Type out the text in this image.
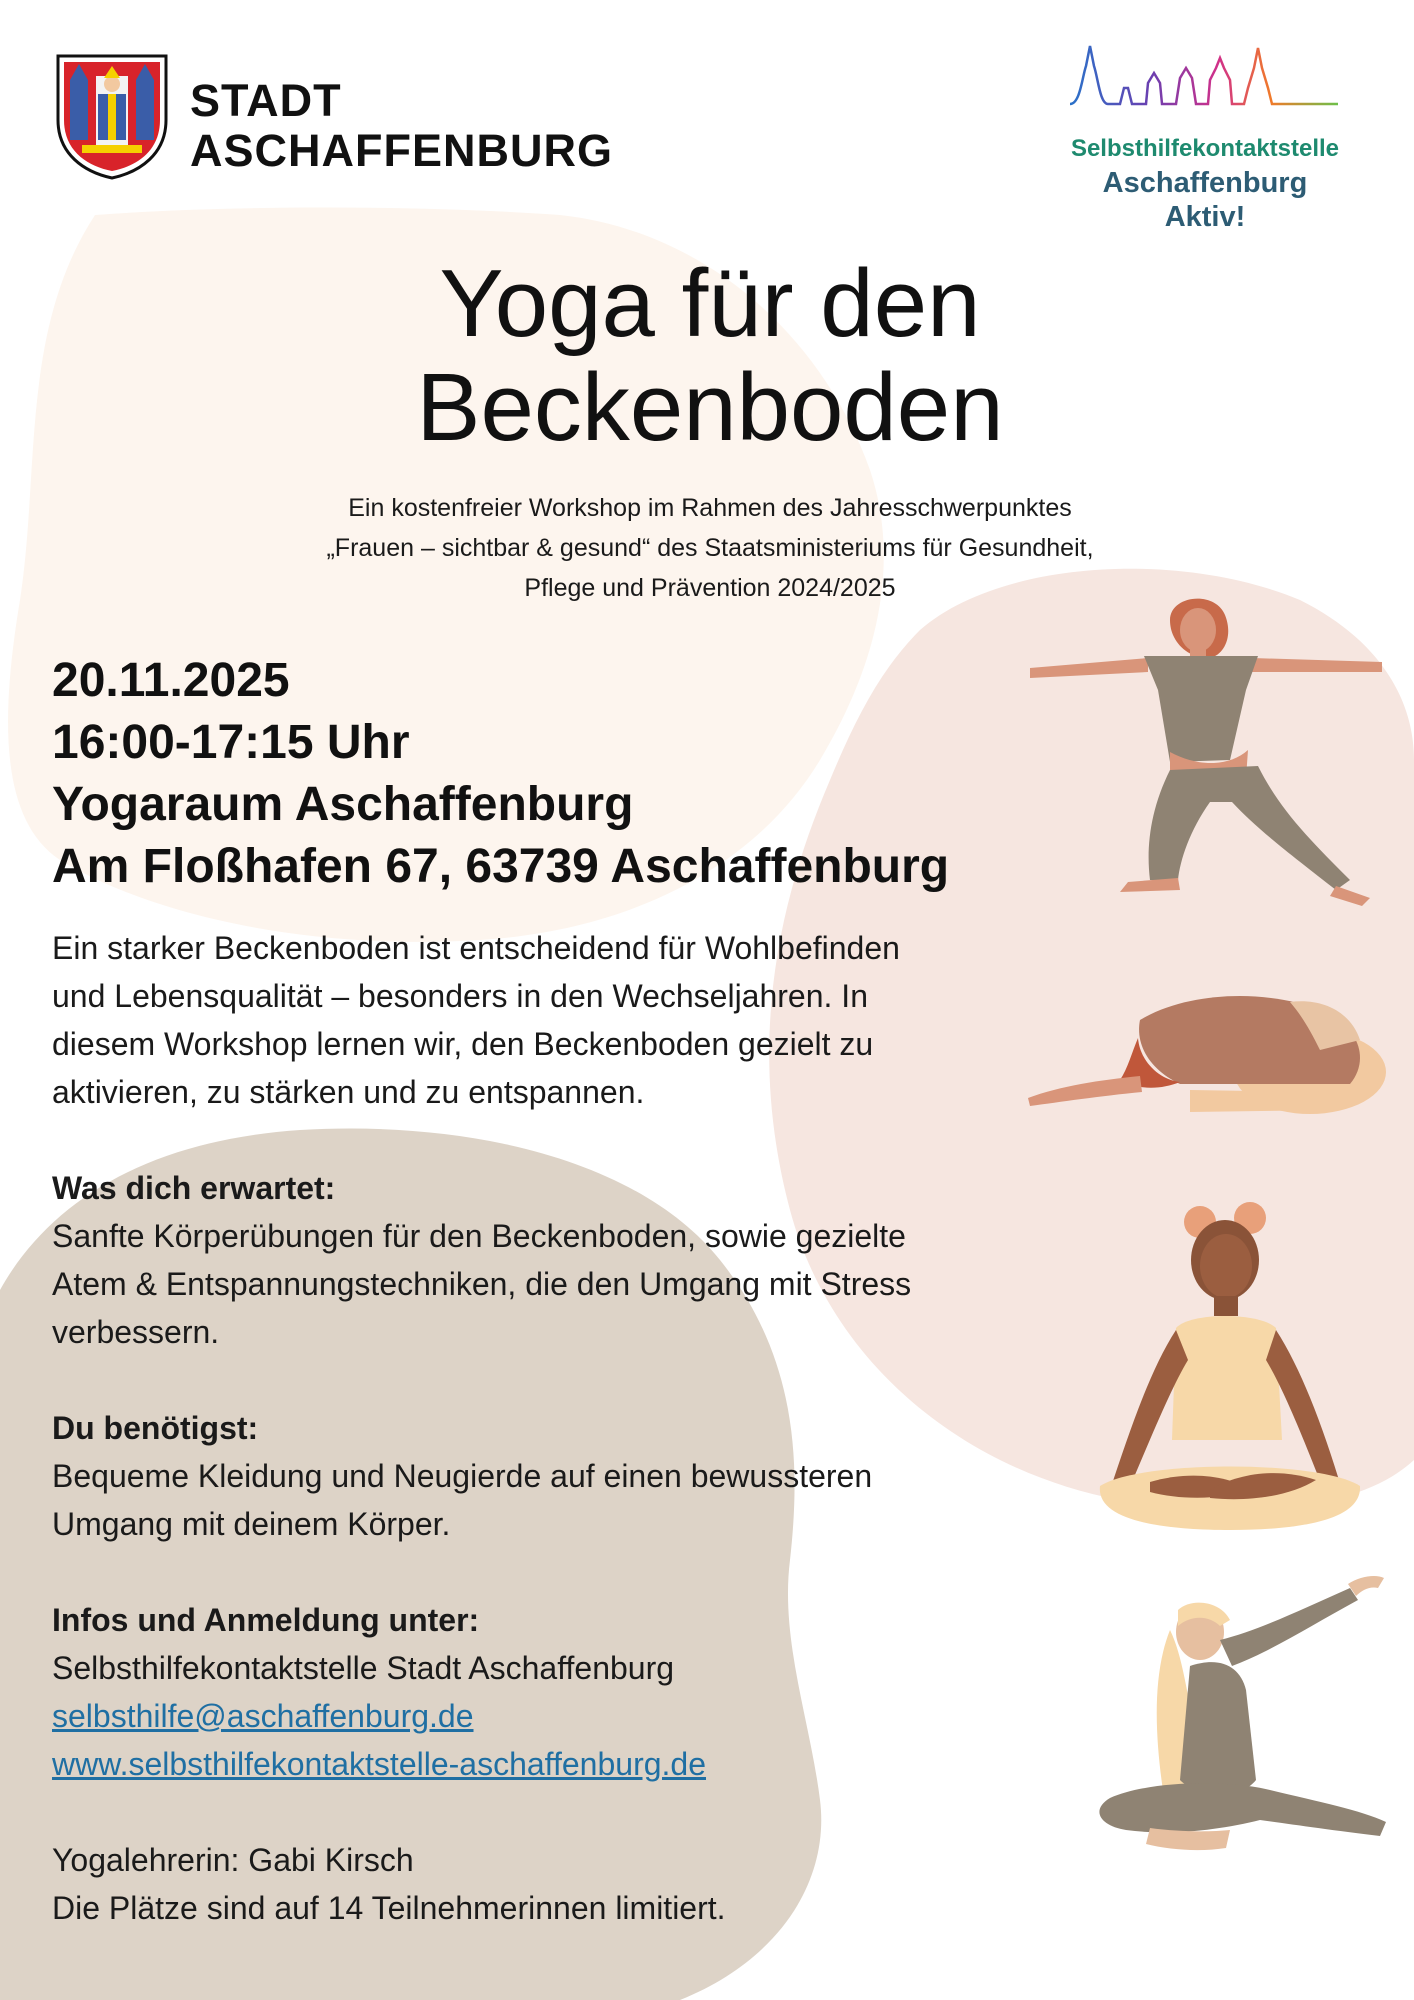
STADT
ASCHAFFENBURG	Selbsthilfekontaktstelle
Aschaffenburg Aktiv!
Yoga für den
Beckenboden
Ein kostenfreier Workshop im Rahmen des Jahresschwerpunktes
„Frauen – sichtbar & gesund“ des Staatsministeriums für Gesundheit,
Pflege und Prävention 2024/2025
20.11.2025
16:00-17:15 Uhr
Yogaraum Aschaffenburg
Am Floßhafen 67, 63739 Aschaffenburg

Ein starker Beckenboden ist entscheidend für Wohlbefinden

und Lebensqualität – besonders in den Wechseljahren. In

diesem Workshop lernen wir, den Beckenboden gezielt zu

aktivieren, zu stärken und zu entspannen.

Was dich erwartet:

Sanfte Körperübungen für den Beckenboden, sowie gezielte

Atem & Entspannungstechniken, die den Umgang mit Stress

verbessern.

Du benötigst:

Bequeme Kleidung und Neugierde auf einen bewussteren

Umgang mit deinem Körper.

Infos und Anmeldung unter:

Selbsthilfekontaktstelle Stadt Aschaffenburg

selbsthilfe@aschaffenburg.de

www.selbsthilfekontaktstelle-aschaffenburg.de

Yogalehrerin: Gabi Kirsch

Die Plätze sind auf 14 Teilnehmerinnen limitiert.
